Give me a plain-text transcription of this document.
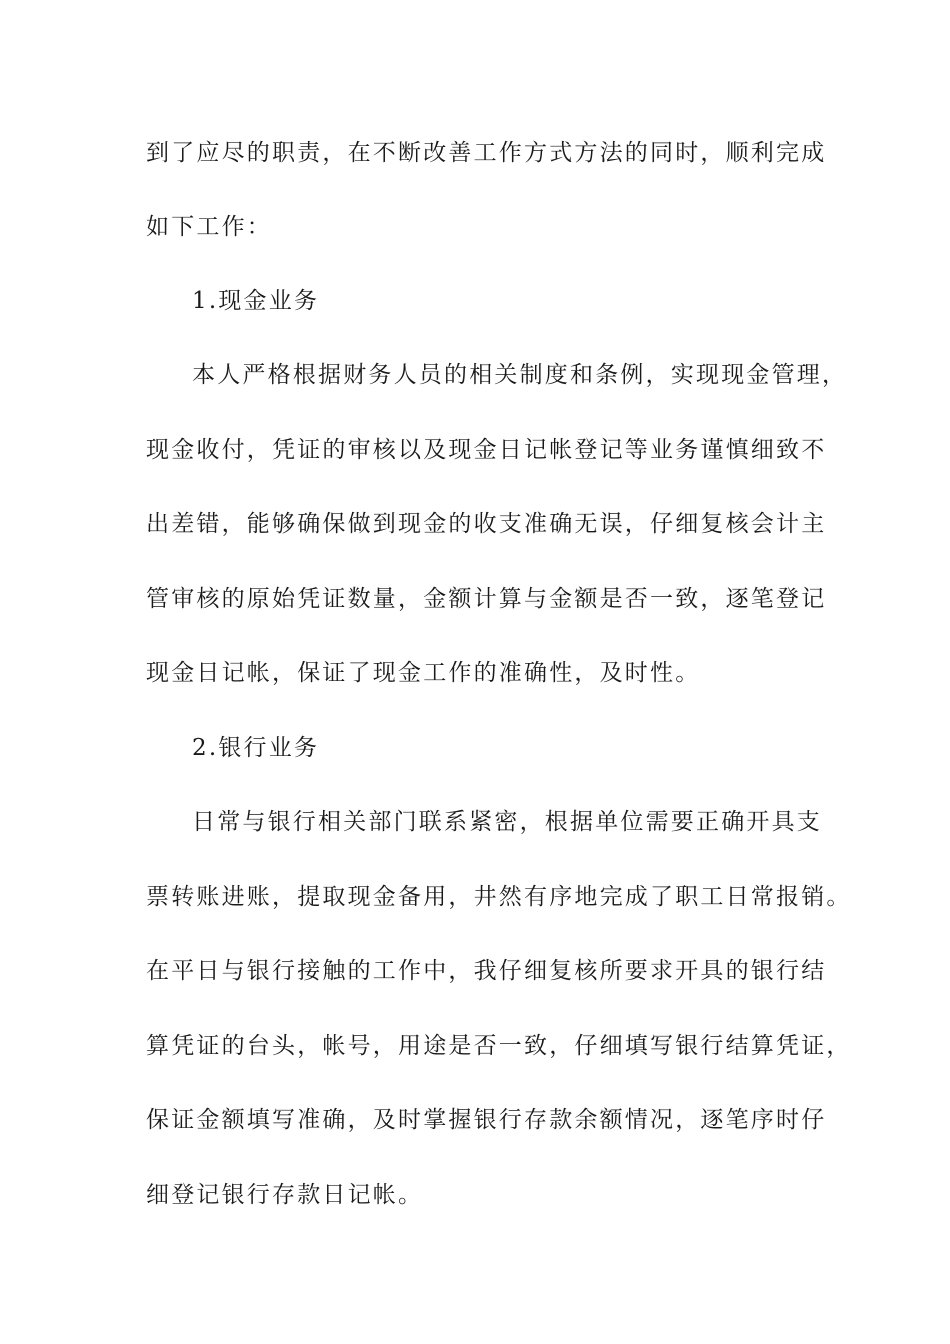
到了应尽的职责，在不断改善工作方式方法的同时，顺利完成
如下工作：
1.现金业务
本人严格根据财务人员的相关制度和条例，实现现金管理，
现金收付，凭证的审核以及现金日记帐登记等业务谨慎细致不
出差错，能够确保做到现金的收支准确无误，仔细复核会计主
管审核的原始凭证数量，金额计算与金额是否一致，逐笔登记
现金日记帐，保证了现金工作的准确性，及时性。
2.银行业务
日常与银行相关部门联系紧密，根据单位需要正确开具支
票转账进账，提取现金备用，井然有序地完成了职工日常报销。
在平日与银行接触的工作中，我仔细复核所要求开具的银行结
算凭证的台头，帐号，用途是否一致，仔细填写银行结算凭证，
保证金额填写准确，及时掌握银行存款余额情况，逐笔序时仔
细登记银行存款日记帐。
